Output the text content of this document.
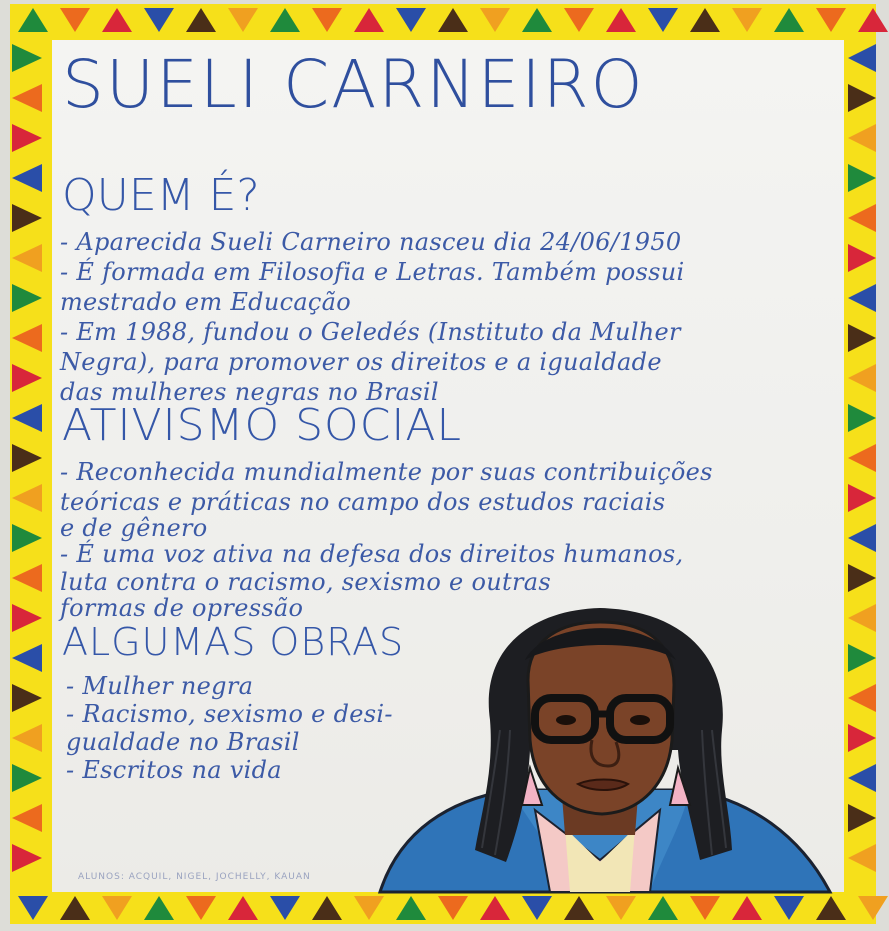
SUELI CARNEIRO
QUEM É?
- Aparecida Sueli Carneiro nasceu dia 24/06/1950
- É formada em Filosofia e Letras. Também possui
mestrado em Educação
- Em 1988, fundou o Geledés (Instituto da Mulher
Negra), para promover os direitos e a igualdade
das mulheres negras no Brasil
ATIVISMO SOCIAL
- Reconhecida mundialmente por suas contribuições
teóricas e práticas no campo dos estudos raciais
e de gênero
- É uma voz ativa na defesa dos direitos humanos,
luta contra o racismo, sexismo e outras
formas de opressão
ALGUMAS OBRAS
- Mulher negra
- Racismo, sexismo e desi-
gualdade no Brasil
- Escritos na vida
ALUNOS: ACQUIL, NIGEL, JOCHELLY, KAUAN
